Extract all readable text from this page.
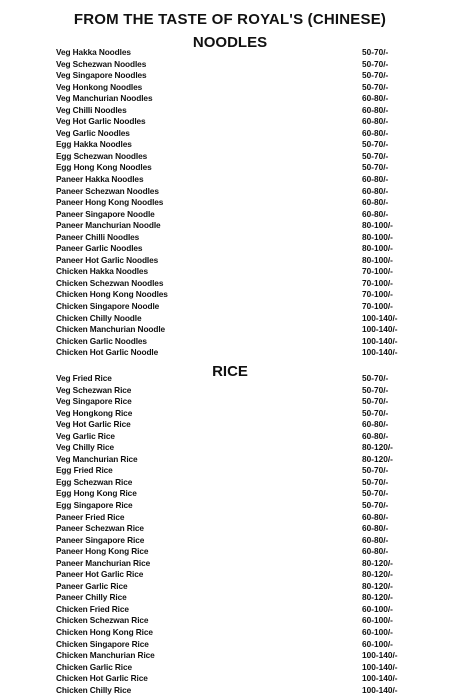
FROM THE TASTE OF ROYAL'S (CHINESE)
NOODLES
Veg Hakka Noodles	50-70/-
Veg Schezwan Noodles	50-70/-
Veg Singapore Noodles	50-70/-
Veg Honkong Noodles	50-70/-
Veg Manchurian Noodles	60-80/-
Veg Chilli Noodles	60-80/-
Veg Hot Garlic Noodles	60-80/-
Veg Garlic Noodles	60-80/-
Egg Hakka Noodles	50-70/-
Egg Schezwan Noodles	50-70/-
Egg Hong Kong Noodles	50-70/-
Paneer Hakka Noodles	60-80/-
Paneer Schezwan Noodles	60-80/-
Paneer Hong Kong Noodles	60-80/-
Paneer Singapore Noodle	60-80/-
Paneer Manchurian Noodle	80-100/-
Paneer Chilli Noodles	80-100/-
Paneer Garlic Noodles	80-100/-
Paneer Hot Garlic Noodles	80-100/-
Chicken Hakka Noodles	70-100/-
Chicken Schezwan Noodles	70-100/-
Chicken Hong Kong Noodles	70-100/-
Chicken Singapore Noodle	70-100/-
Chicken Chilly Noodle	100-140/-
Chicken Manchurian Noodle	100-140/-
Chicken Garlic Noodles	100-140/-
Chicken Hot Garlic Noodle	100-140/-
RICE
Veg Fried Rice	50-70/-
Veg Schezwan Rice	50-70/-
Veg Singapore Rice	50-70/-
Veg Hongkong Rice	50-70/-
Veg Hot Garlic Rice	60-80/-
Veg Garlic Rice	60-80/-
Veg Chilly Rice	80-120/-
Veg Manchurian Rice	80-120/-
Egg Fried Rice	50-70/-
Egg Schezwan Rice	50-70/-
Egg Hong Kong Rice	50-70/-
Egg Singapore Rice	50-70/-
Paneer Fried Rice	60-80/-
Paneer Schezwan Rice	60-80/-
Paneer Singapore Rice	60-80/-
Paneer Hong Kong Rice	60-80/-
Paneer Manchurian Rice	80-120/-
Paneer Hot Garlic Rice	80-120/-
Paneer Garlic Rice	80-120/-
Paneer Chilly Rice	80-120/-
Chicken Fried Rice	60-100/-
Chicken Schezwan Rice	60-100/-
Chicken Hong Kong Rice	60-100/-
Chicken Singapore Rice	60-100/-
Chicken Manchurian Rice	100-140/-
Chicken Garlic Rice	100-140/-
Chicken Hot Garlic Rice	100-140/-
Chicken Chilly Rice	100-140/-
